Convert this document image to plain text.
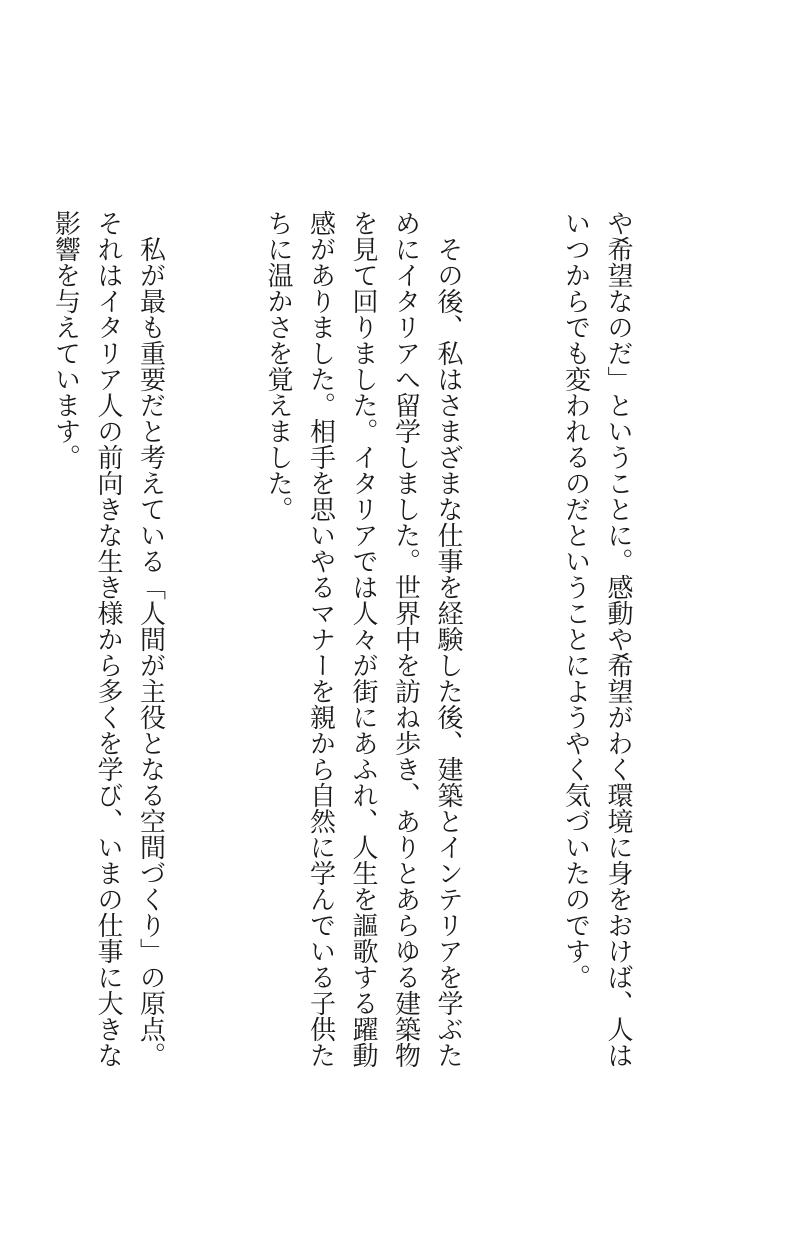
や希望なのだ」ということに。感動や希望がわく環境に身をおけば、人はいつからでも変われるのだということにようやく気づいたのです。

その後、私はさまざまな仕事を経験した後、建築とインテリアを学ぶためにイタリアへ留学しました。世界中を訪ね歩き、ありとあらゆる建築物を見て回りました。イタリアでは人々が街にあふれ、人生を謳歌する躍動感がありました。相手を思いやるマナーを親から自然に学んでいる子供たちに温かさを覚えました。

私が最も重要だと考えている「人間が主役となる空間づくり」の原点。それはイタリア人の前向きな生き様から多くを学び、いまの仕事に大きな影響を与えています。
